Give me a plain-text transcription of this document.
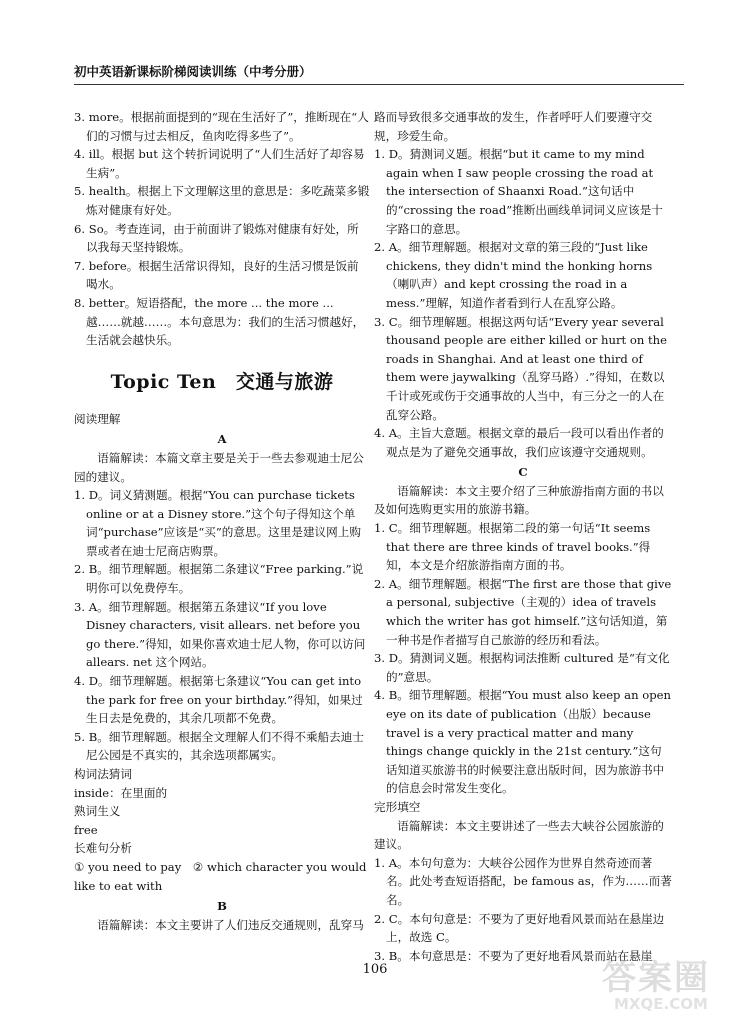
初中英语新课标阶梯阅读训练（中考分册）

3. more。根据前面提到的“现在生活好了”，推断现在“人们的习惯与过去相反，鱼肉吃得多些了”。

4. ill。根据 but 这个转折词说明了“人们生活好了却容易生病”。

5. health。根据上下文理解这里的意思是：多吃蔬菜多锻炼对健康有好处。

6. So。考查连词，由于前面讲了锻炼对健康有好处，所以我每天坚持锻炼。

7. before。根据生活常识得知，良好的生活习惯是饭前喝水。

8. better。短语搭配，the more ... the more ... 越……就越……。本句意思为：我们的生活习惯越好，生活就会越快乐。

Topic Ten　交通与旅游

阅读理解

A

语篇解读：本篇文章主要是关于一些去参观迪士尼公园的建议。

1. D。词义猜测题。根据“You can purchase tickets online or at a Disney store.”这个句子得知这个单词“purchase”应该是“买”的意思。这里是建议网上购票或者在迪士尼商店购票。

2. B。细节理解题。根据第二条建议“Free parking.”说明你可以免费停车。

3. A。细节理解题。根据第五条建议“If you love Disney characters, visit allears. net before you go there.”得知，如果你喜欢迪士尼人物，你可以访问 allears. net 这个网站。

4. D。细节理解题。根据第七条建议“You can get into the park for free on your birthday.”得知，如果过生日去是免费的，其余几项都不免费。

5. B。细节理解题。根据全文理解人们不得不乘船去迪士尼公园是不真实的，其余选项都属实。

构词法猜词

inside：在里面的

熟词生义

free

长难句分析

① you need to pay　② which character you would like to eat with

B

语篇解读：本文主要讲了人们违反交通规则，乱穿马

路而导致很多交通事故的发生，作者呼吁人们要遵守交规，珍爱生命。

1. D。猜测词义题。根据“but it came to my mind again when I saw people crossing the road at the intersection of Shaanxi Road.”这句话中的“crossing the road”推断出画线单词词义应该是十字路口的意思。

2. A。细节理解题。根据对文章的第三段的“Just like chickens, they didn't mind the honking horns（喇叭声）and kept crossing the road in a mess.”理解，知道作者看到行人在乱穿公路。

3. C。细节理解题。根据这两句话“Every year several thousand people are either killed or hurt on the roads in Shanghai. And at least one third of them were jaywalking（乱穿马路）.”得知，在数以千计或死或伤于交通事故的人当中，有三分之一的人在乱穿公路。

4. A。主旨大意题。根据文章的最后一段可以看出作者的观点是为了避免交通事故，我们应该遵守交通规则。

C

语篇解读：本文主要介绍了三种旅游指南方面的书以及如何选购更实用的旅游书籍。

1. C。细节理解题。根据第二段的第一句话“It seems that there are three kinds of travel books.”得知，本文是介绍旅游指南方面的书。

2. A。细节理解题。根据“The first are those that give a personal, subjective（主观的）idea of travels which the writer has got himself.”这句话知道，第一种书是作者描写自己旅游的经历和看法。

3. D。猜测词义题。根据构词法推断 cultured 是“有文化的”意思。

4. B。细节理解题。根据“You must also keep an open eye on its date of publication（出版）because travel is a very practical matter and many things change quickly in the 21st century.”这句话知道买旅游书的时候要注意出版时间，因为旅游书中的信息会时常发生变化。

完形填空

语篇解读：本文主要讲述了一些去大峡谷公园旅游的建议。

1. A。本句句意为：大峡谷公园作为世界自然奇迹而著名。此处考查短语搭配，be famous as，作为……而著名。

2. C。本句句意是：不要为了更好地看风景而站在悬崖边上，故选 C。

3. B。本句意思是：不要为了更好地看风景而站在悬崖

106	答案圈
MXQE.COM
